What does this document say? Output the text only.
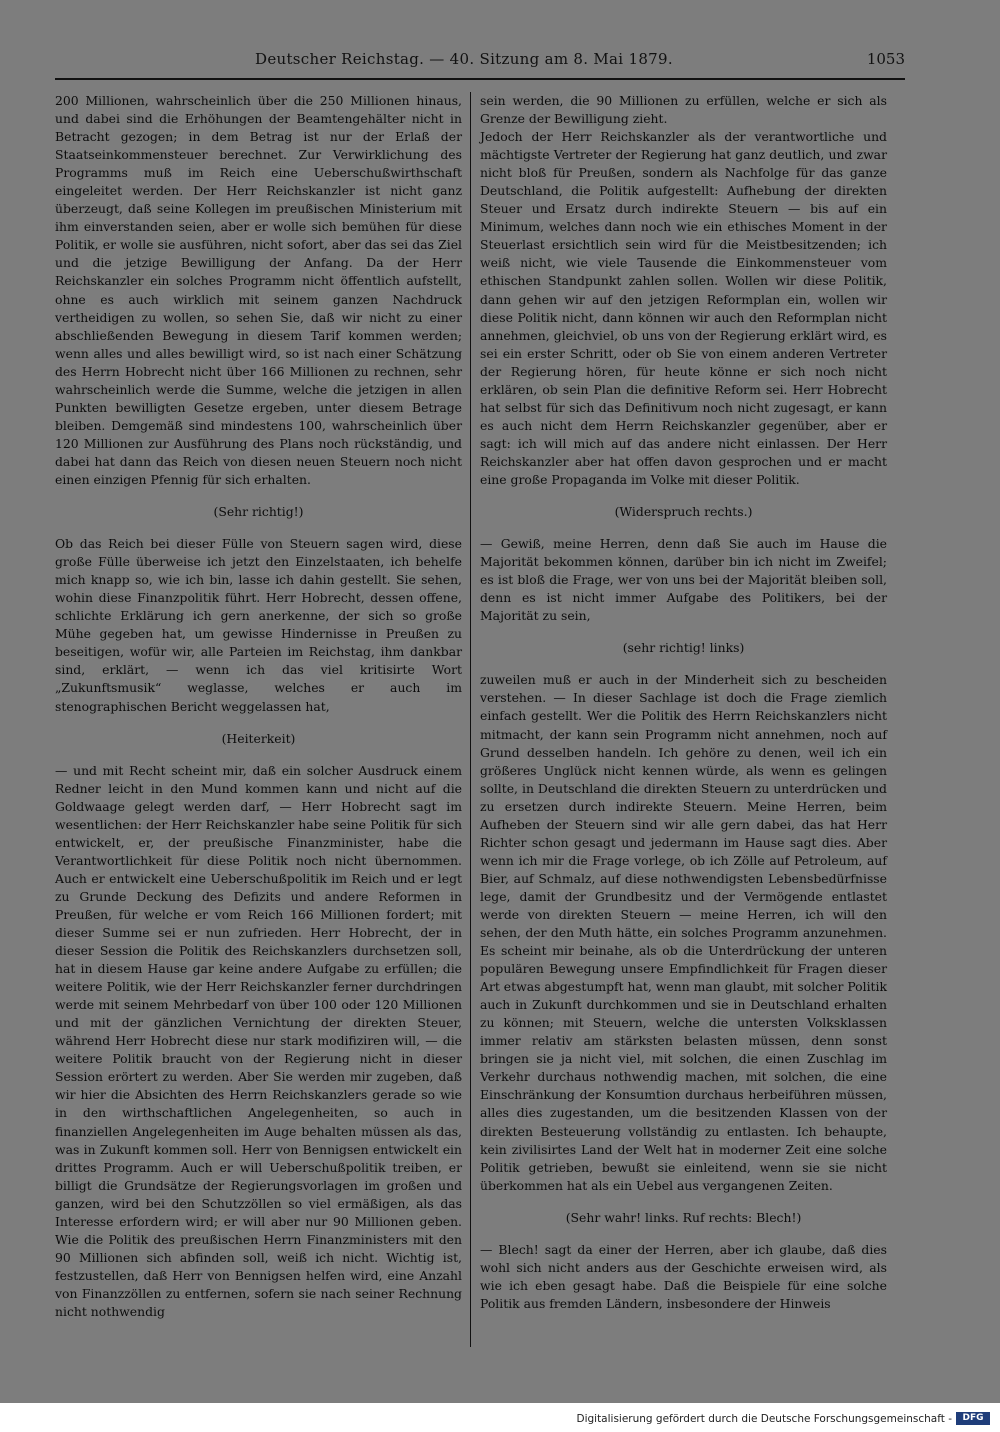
Deutscher Reichstag. — 40. Sitzung am 8. Mai 1879.	1053

200 Millionen, wahrscheinlich über die 250 Millionen hinaus, und dabei sind die Erhöhungen der Beamtengehälter nicht in Betracht gezogen; in dem Betrag ist nur der Erlaß der Staatseinkommensteuer berechnet. Zur Verwirklichung des Programms muß im Reich eine Ueberschußwirthschaft eingeleitet werden. Der Herr Reichskanzler ist nicht ganz überzeugt, daß seine Kollegen im preußischen Ministerium mit ihm einverstanden seien, aber er wolle sich bemühen für diese Politik, er wolle sie ausführen, nicht sofort, aber das sei das Ziel und die jetzige Bewilligung der Anfang. Da der Herr Reichskanzler ein solches Programm nicht öffentlich aufstellt, ohne es auch wirklich mit seinem ganzen Nachdruck vertheidigen zu wollen, so sehen Sie, daß wir nicht zu einer abschließenden Bewegung in diesem Tarif kommen werden; wenn alles und alles bewilligt wird, so ist nach einer Schätzung des Herrn Hobrecht nicht über 166 Millionen zu rechnen, sehr wahrscheinlich werde die Summe, welche die jetzigen in allen Punkten bewilligten Gesetze ergeben, unter diesem Betrage bleiben. Demgemäß sind mindestens 100, wahrscheinlich über 120 Millionen zur Ausführung des Plans noch rückständig, und dabei hat dann das Reich von diesen neuen Steuern noch nicht einen einzigen Pfennig für sich erhalten.

(Sehr richtig!)

Ob das Reich bei dieser Fülle von Steuern sagen wird, diese große Fülle überweise ich jetzt den Einzelstaaten, ich behelfe mich knapp so, wie ich bin, lasse ich dahin gestellt. Sie sehen, wohin diese Finanzpolitik führt. Herr Hobrecht, dessen offene, schlichte Erklärung ich gern anerkenne, der sich so große Mühe gegeben hat, um gewisse Hindernisse in Preußen zu beseitigen, wofür wir, alle Parteien im Reichstag, ihm dankbar sind, erklärt, — wenn ich das viel kritisirte Wort „Zukunftsmusik“ weglasse, welches er auch im stenographischen Bericht weggelassen hat,

(Heiterkeit)

— und mit Recht scheint mir, daß ein solcher Ausdruck einem Redner leicht in den Mund kommen kann und nicht auf die Goldwaage gelegt werden darf, — Herr Hobrecht sagt im wesentlichen: der Herr Reichskanzler habe seine Politik für sich entwickelt, er, der preußische Finanzminister, habe die Verantwortlichkeit für diese Politik noch nicht übernommen. Auch er entwickelt eine Ueberschußpolitik im Reich und er legt zu Grunde Deckung des Defizits und andere Reformen in Preußen, für welche er vom Reich 166 Millionen fordert; mit dieser Summe sei er nun zufrieden. Herr Hobrecht, der in dieser Session die Politik des Reichskanzlers durchsetzen soll, hat in diesem Hause gar keine andere Aufgabe zu erfüllen; die weitere Politik, wie der Herr Reichskanzler ferner durchdringen werde mit seinem Mehrbedarf von über 100 oder 120 Millionen und mit der gänzlichen Vernichtung der direkten Steuer, während Herr Hobrecht diese nur stark modifiziren will, — die weitere Politik braucht von der Regierung nicht in dieser Session erörtert zu werden. Aber Sie werden mir zugeben, daß wir hier die Absichten des Herrn Reichskanzlers gerade so wie in den wirthschaftlichen Angelegenheiten, so auch in finanziellen Angelegenheiten im Auge behalten müssen als das, was in Zukunft kommen soll. Herr von Bennigsen entwickelt ein drittes Programm. Auch er will Ueberschußpolitik treiben, er billigt die Grundsätze der Regierungsvorlagen im großen und ganzen, wird bei den Schutzzöllen so viel ermäßigen, als das Interesse erfordern wird; er will aber nur 90 Millionen geben. Wie die Politik des preußischen Herrn Finanzministers mit den 90 Millionen sich abfinden soll, weiß ich nicht. Wichtig ist, festzustellen, daß Herr von Bennigsen helfen wird, eine Anzahl von Finanzzöllen zu entfernen, sofern sie nach seiner Rechnung nicht nothwendig

sein werden, die 90 Millionen zu erfüllen, welche er sich als Grenze der Bewilligung zieht.

Jedoch der Herr Reichskanzler als der verantwortliche und mächtigste Vertreter der Regierung hat ganz deutlich, und zwar nicht bloß für Preußen, sondern als Nachfolge für das ganze Deutschland, die Politik aufgestellt: Aufhebung der direkten Steuer und Ersatz durch indirekte Steuern — bis auf ein Minimum, welches dann noch wie ein ethisches Moment in der Steuerlast ersichtlich sein wird für die Meistbesitzenden; ich weiß nicht, wie viele Tausende die Einkommensteuer vom ethischen Standpunkt zahlen sollen. Wollen wir diese Politik, dann gehen wir auf den jetzigen Reformplan ein, wollen wir diese Politik nicht, dann können wir auch den Reformplan nicht annehmen, gleichviel, ob uns von der Regierung erklärt wird, es sei ein erster Schritt, oder ob Sie von einem anderen Vertreter der Regierung hören, für heute könne er sich noch nicht erklären, ob sein Plan die definitive Reform sei. Herr Hobrecht hat selbst für sich das Definitivum noch nicht zugesagt, er kann es auch nicht dem Herrn Reichskanzler gegenüber, aber er sagt: ich will mich auf das andere nicht einlassen. Der Herr Reichskanzler aber hat offen davon gesprochen und er macht eine große Propaganda im Volke mit dieser Politik.

(Widerspruch rechts.)

— Gewiß, meine Herren, denn daß Sie auch im Hause die Majorität bekommen können, darüber bin ich nicht im Zweifel; es ist bloß die Frage, wer von uns bei der Majorität bleiben soll, denn es ist nicht immer Aufgabe des Politikers, bei der Majorität zu sein,

(sehr richtig! links)

zuweilen muß er auch in der Minderheit sich zu bescheiden verstehen. — In dieser Sachlage ist doch die Frage ziemlich einfach gestellt. Wer die Politik des Herrn Reichskanzlers nicht mitmacht, der kann sein Programm nicht annehmen, noch auf Grund desselben handeln. Ich gehöre zu denen, weil ich ein größeres Unglück nicht kennen würde, als wenn es gelingen sollte, in Deutschland die direkten Steuern zu unterdrücken und zu ersetzen durch indirekte Steuern. Meine Herren, beim Aufheben der Steuern sind wir alle gern dabei, das hat Herr Richter schon gesagt und jedermann im Hause sagt dies. Aber wenn ich mir die Frage vorlege, ob ich Zölle auf Petroleum, auf Bier, auf Schmalz, auf diese nothwendigsten Lebensbedürfnisse lege, damit der Grundbesitz und der Vermögende entlastet werde von direkten Steuern — meine Herren, ich will den sehen, der den Muth hätte, ein solches Programm anzunehmen. Es scheint mir beinahe, als ob die Unterdrückung der unteren populären Bewegung unsere Empfindlichkeit für Fragen dieser Art etwas abgestumpft hat, wenn man glaubt, mit solcher Politik auch in Zukunft durchkommen und sie in Deutschland erhalten zu können; mit Steuern, welche die untersten Volksklassen immer relativ am stärksten belasten müssen, denn sonst bringen sie ja nicht viel, mit solchen, die einen Zuschlag im Verkehr durchaus nothwendig machen, mit solchen, die eine Einschränkung der Konsumtion durchaus herbeiführen müssen, alles dies zugestanden, um die besitzenden Klassen von der direkten Besteuerung vollständig zu entlasten. Ich behaupte, kein zivilisirtes Land der Welt hat in moderner Zeit eine solche Politik getrieben, bewußt sie einleitend, wenn sie sie nicht überkommen hat als ein Uebel aus vergangenen Zeiten.

(Sehr wahr! links. Ruf rechts: Blech!)

— Blech! sagt da einer der Herren, aber ich glaube, daß dies wohl sich nicht anders aus der Geschichte erweisen wird, als wie ich eben gesagt habe. Daß die Beispiele für eine solche Politik aus fremden Ländern, insbesondere der Hinweis

Digitalisierung gefördert durch die Deutsche Forschungsgemeinschaft -	DFG
